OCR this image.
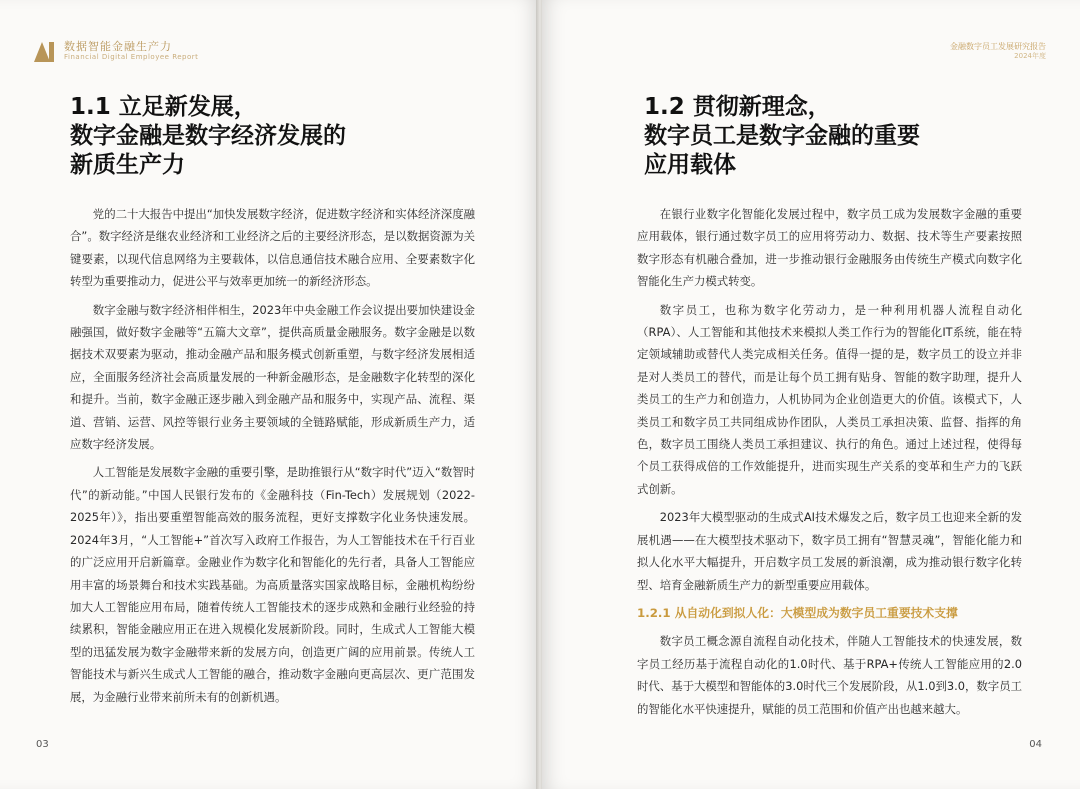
数据智能金融生产力
Financial Digital Employee Report
1.1 立足新发展，
数字金融是数字经济发展的
新质生产力

党的二十大报告中提出“加快发展数字经济，促进数字经济和实体经济深度融合”。数字经济是继农业经济和工业经济之后的主要经济形态，是以数据资源为关键要素，以现代信息网络为主要载体，以信息通信技术融合应用、全要素数字化转型为重要推动力，促进公平与效率更加统一的新经济形态。

数字金融与数字经济相伴相生，2023年中央金融工作会议提出要加快建设金融强国，做好数字金融等“五篇大文章”，提供高质量金融服务。数字金融是以数据技术双要素为驱动，推动金融产品和服务模式创新重塑，与数字经济发展相适应，全面服务经济社会高质量发展的一种新金融形态，是金融数字化转型的深化和提升。当前，数字金融正逐步融入到金融产品和服务中，实现产品、流程、渠道、营销、运营、风控等银行业务主要领域的全链路赋能，形成新质生产力，适应数字经济发展。

人工智能是发展数字金融的重要引擎，是助推银行从“数字时代”迈入“数智时代”的新动能。”中国人民银行发布的《金融科技（Fin-Tech）发展规划（2022-2025年）》，指出要重塑智能高效的服务流程，更好支撑数字化业务快速发展。2024年3月，“人工智能+”首次写入政府工作报告，为人工智能技术在千行百业的广泛应用开启新篇章。金融业作为数字化和智能化的先行者，具备人工智能应用丰富的场景舞台和技术实践基础。为高质量落实国家战略目标，金融机构纷纷加大人工智能应用布局，随着传统人工智能技术的逐步成熟和金融行业经验的持续累积，智能金融应用正在进入规模化发展新阶段。同时，生成式人工智能大模型的迅猛发展为数字金融带来新的发展方向，创造更广阔的应用前景。传统人工智能技术与新兴生成式人工智能的融合，推动数字金融向更高层次、更广范围发展，为金融行业带来前所未有的创新机遇。

03
金融数字员工发展研究报告
2024年度
1.2 贯彻新理念，
数字员工是数字金融的重要
应用载体

在银行业数字化智能化发展过程中，数字员工成为发展数字金融的重要应用载体，银行通过数字员工的应用将劳动力、数据、技术等生产要素按照数字形态有机融合叠加，进一步推动银行金融服务由传统生产模式向数字化智能化生产力模式转变。

数字员工，也称为数字化劳动力，是一种利用机器人流程自动化（RPA）、人工智能和其他技术来模拟人类工作行为的智能化IT系统，能在特定领域辅助或替代人类完成相关任务。值得一提的是，数字员工的设立并非是对人类员工的替代，而是让每个员工拥有贴身、智能的数字助理，提升人类员工的生产力和创造力，人机协同为企业创造更大的价值。该模式下，人类员工和数字员工共同组成协作团队，人类员工承担决策、监督、指挥的角色，数字员工围绕人类员工承担建议、执行的角色。通过上述过程，使得每个员工获得成倍的工作效能提升，进而实现生产关系的变革和生产力的飞跃式创新。

2023年大模型驱动的生成式AI技术爆发之后，数字员工也迎来全新的发展机遇——在大模型技术驱动下，数字员工拥有“智慧灵魂”，智能化能力和拟人化水平大幅提升，开启数字员工发展的新浪潮，成为推动银行数字化转型、培育金融新质生产力的新型重要应用载体。

1.2.1 从自动化到拟人化：大模型成为数字员工重要技术支撑

数字员工概念源自流程自动化技术，伴随人工智能技术的快速发展，数字员工经历基于流程自动化的1.0时代、基于RPA+传统人工智能应用的2.0时代、基于大模型和智能体的3.0时代三个发展阶段，从1.0到3.0，数字员工的智能化水平快速提升，赋能的员工范围和价值产出也越来越大。

04
